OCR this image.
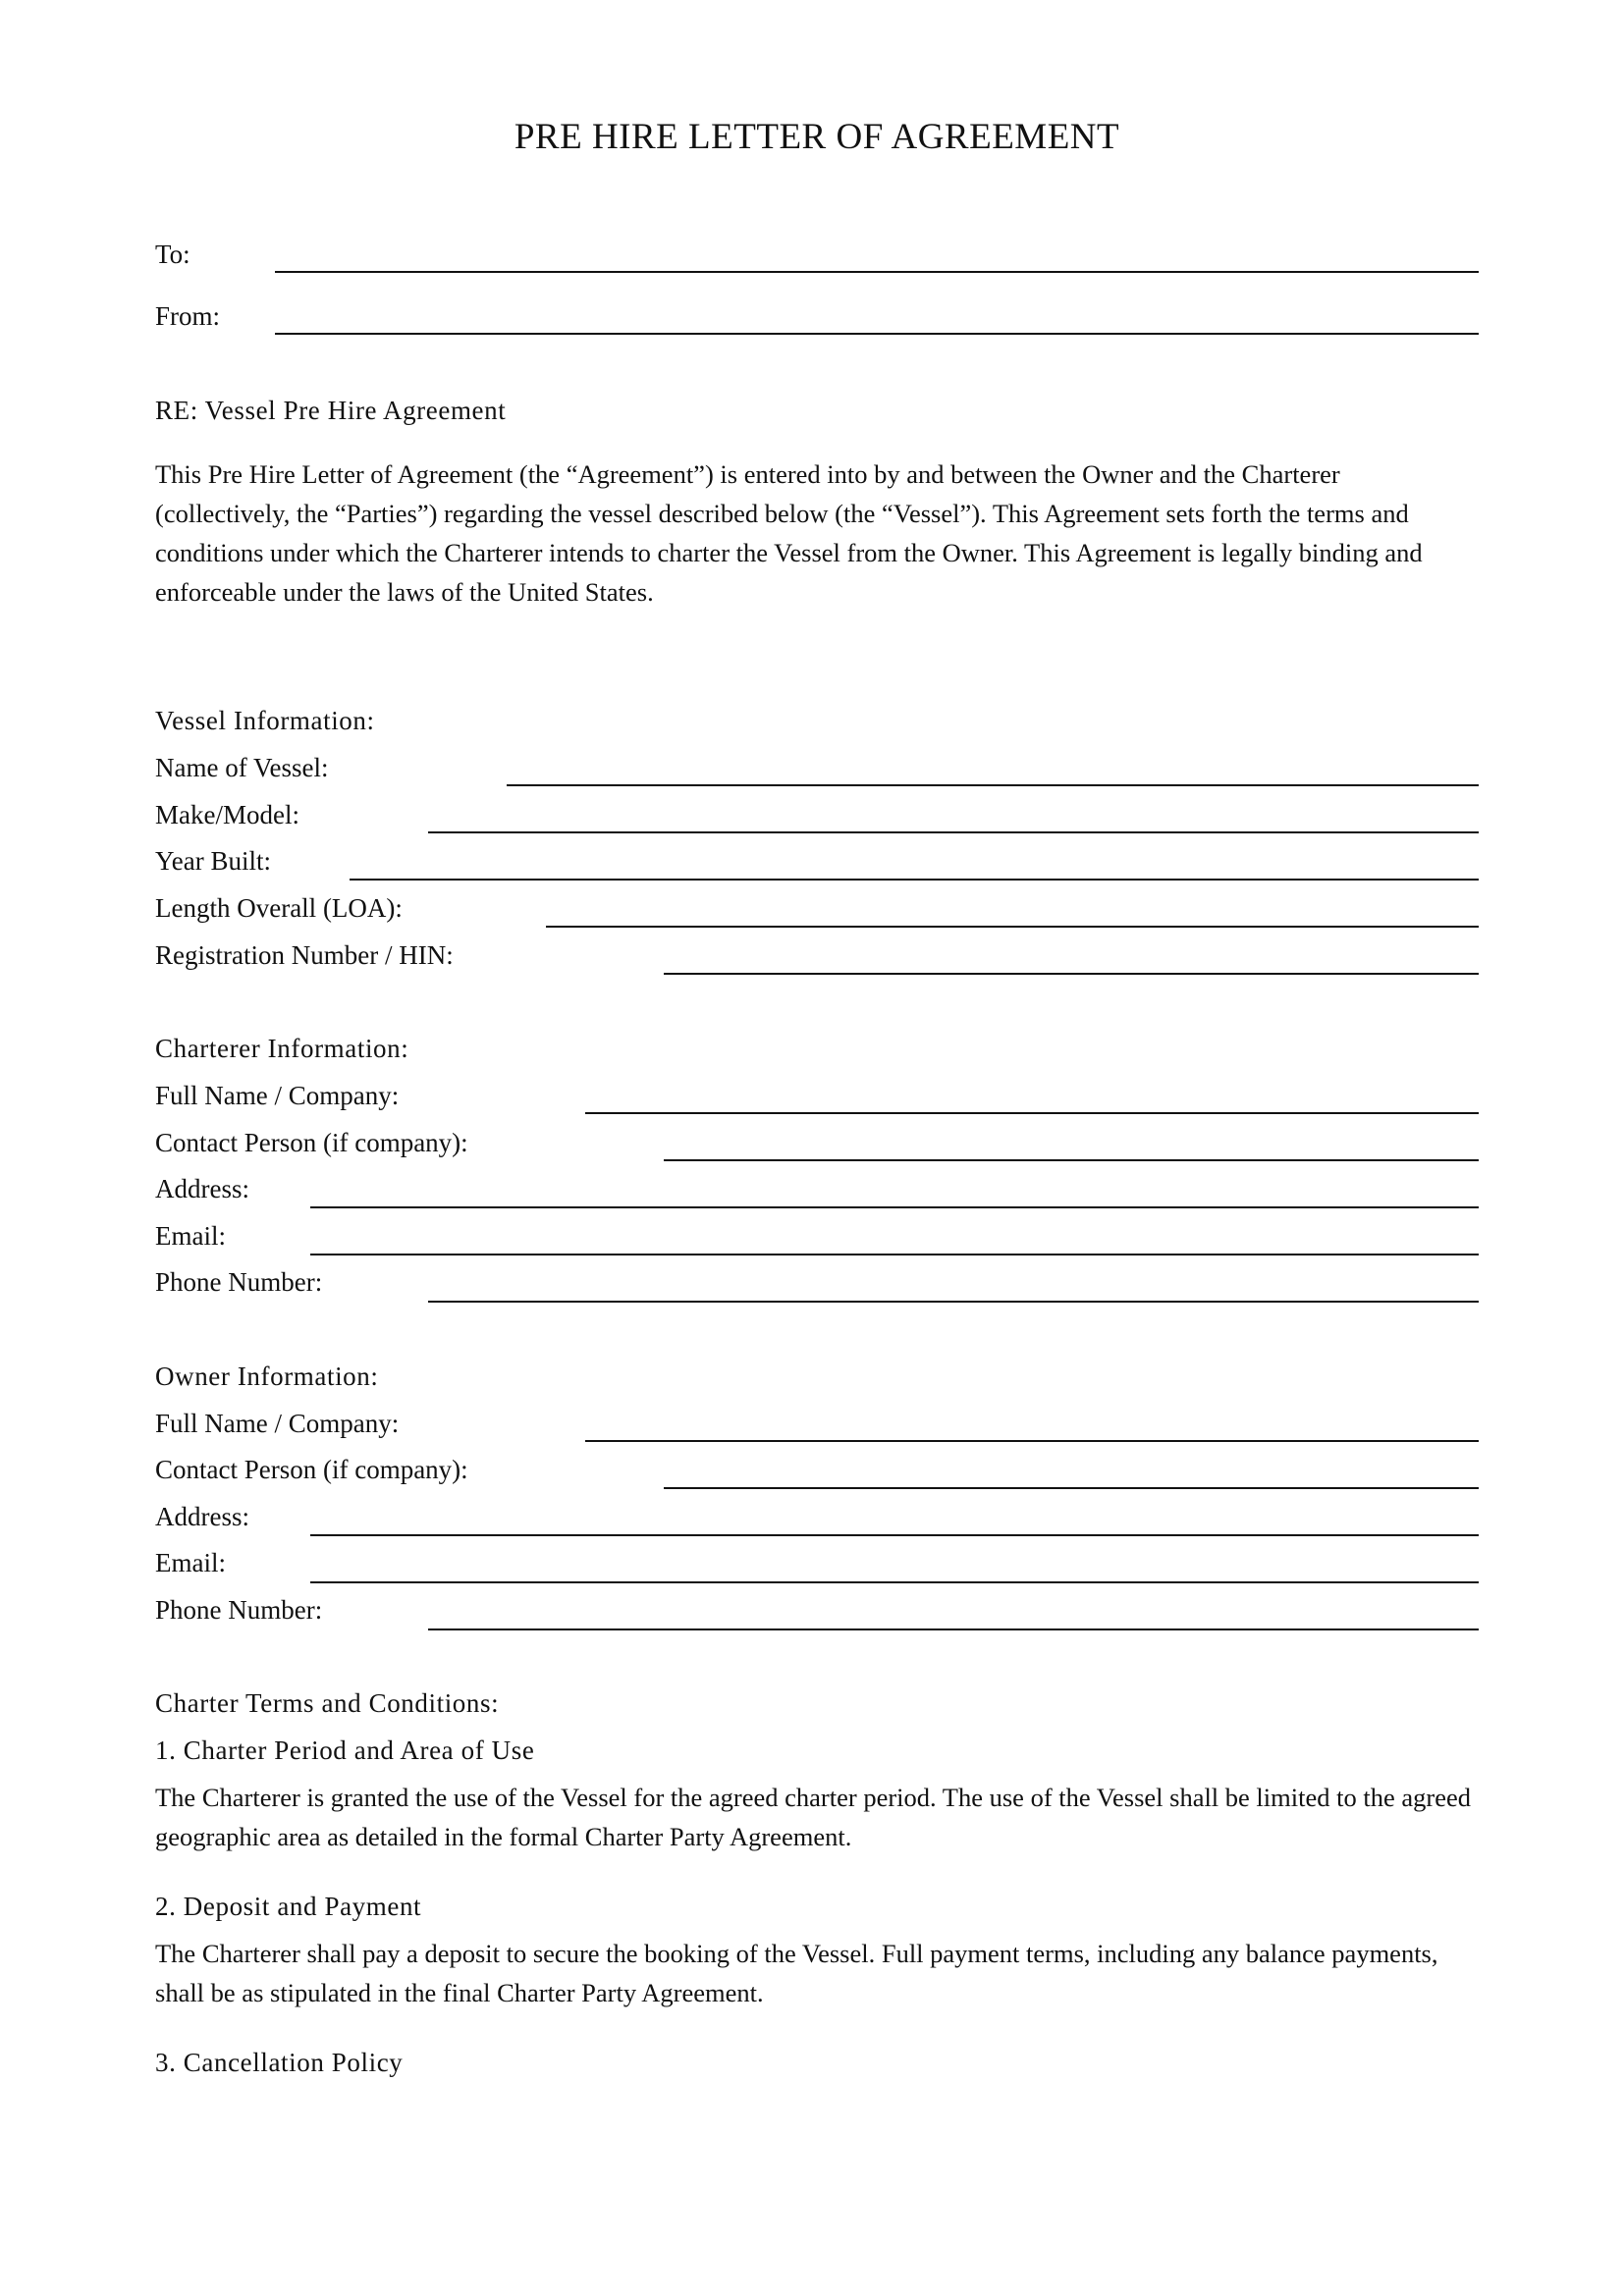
PRE HIRE LETTER OF AGREEMENT
To:
From:
RE: Vessel Pre Hire Agreement
This Pre Hire Letter of Agreement (the “Agreement”) is entered into by and between the Owner and the Charterer (collectively, the “Parties”) regarding the vessel described below (the “Vessel”). This Agreement sets forth the terms and conditions under which the Charterer intends to charter the Vessel from the Owner. This Agreement is legally binding and enforceable under the laws of the United States.
Vessel Information:
Name of Vessel:
Make/Model:
Year Built:
Length Overall (LOA):
Registration Number / HIN:
Charterer Information:
Full Name / Company:
Contact Person (if company):
Address:
Email:
Phone Number:
Owner Information:
Full Name / Company:
Contact Person (if company):
Address:
Email:
Phone Number:
Charter Terms and Conditions:
1. Charter Period and Area of Use
The Charterer is granted the use of the Vessel for the agreed charter period. The use of the Vessel shall be limited to the agreed geographic area as detailed in the formal Charter Party Agreement.
2. Deposit and Payment
The Charterer shall pay a deposit to secure the booking of the Vessel. Full payment terms, including any balance payments, shall be as stipulated in the final Charter Party Agreement.
3. Cancellation Policy
